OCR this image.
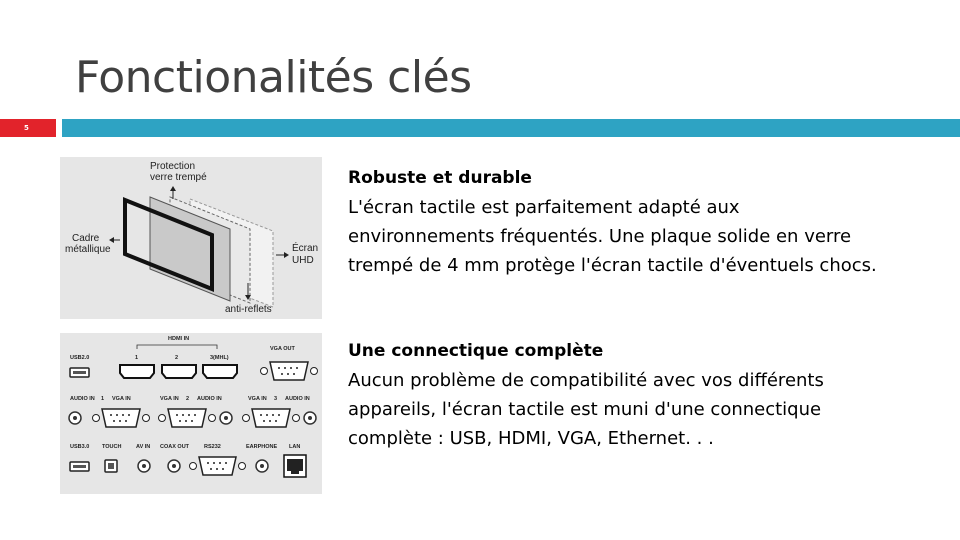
Fonctionalités clés
5
Protection
verre trempé
Cadre
métallique	Écran
UHD
anti-reflets
USB2.0
HDMI IN
1	2	3(MHL)
VGA OUT
AUDIO IN 1 VGA IN	VGA IN 2 AUDIO IN	VGA IN 3 AUDIO IN
USB3.0 TOUCH	AV IN COAX OUT	RS232	EARPHONE LAN
Robuste et durable
L'écran tactile est parfaitement adapté aux
environnements fréquentés. Une plaque solide en verre
trempé de 4 mm protège l'écran tactile d'éventuels chocs.
Une connectique complète
Aucun problème de compatibilité avec vos différents
appareils, l'écran tactile est muni d'une connectique
complète : USB, HDMI, VGA, Ethernet. . .
